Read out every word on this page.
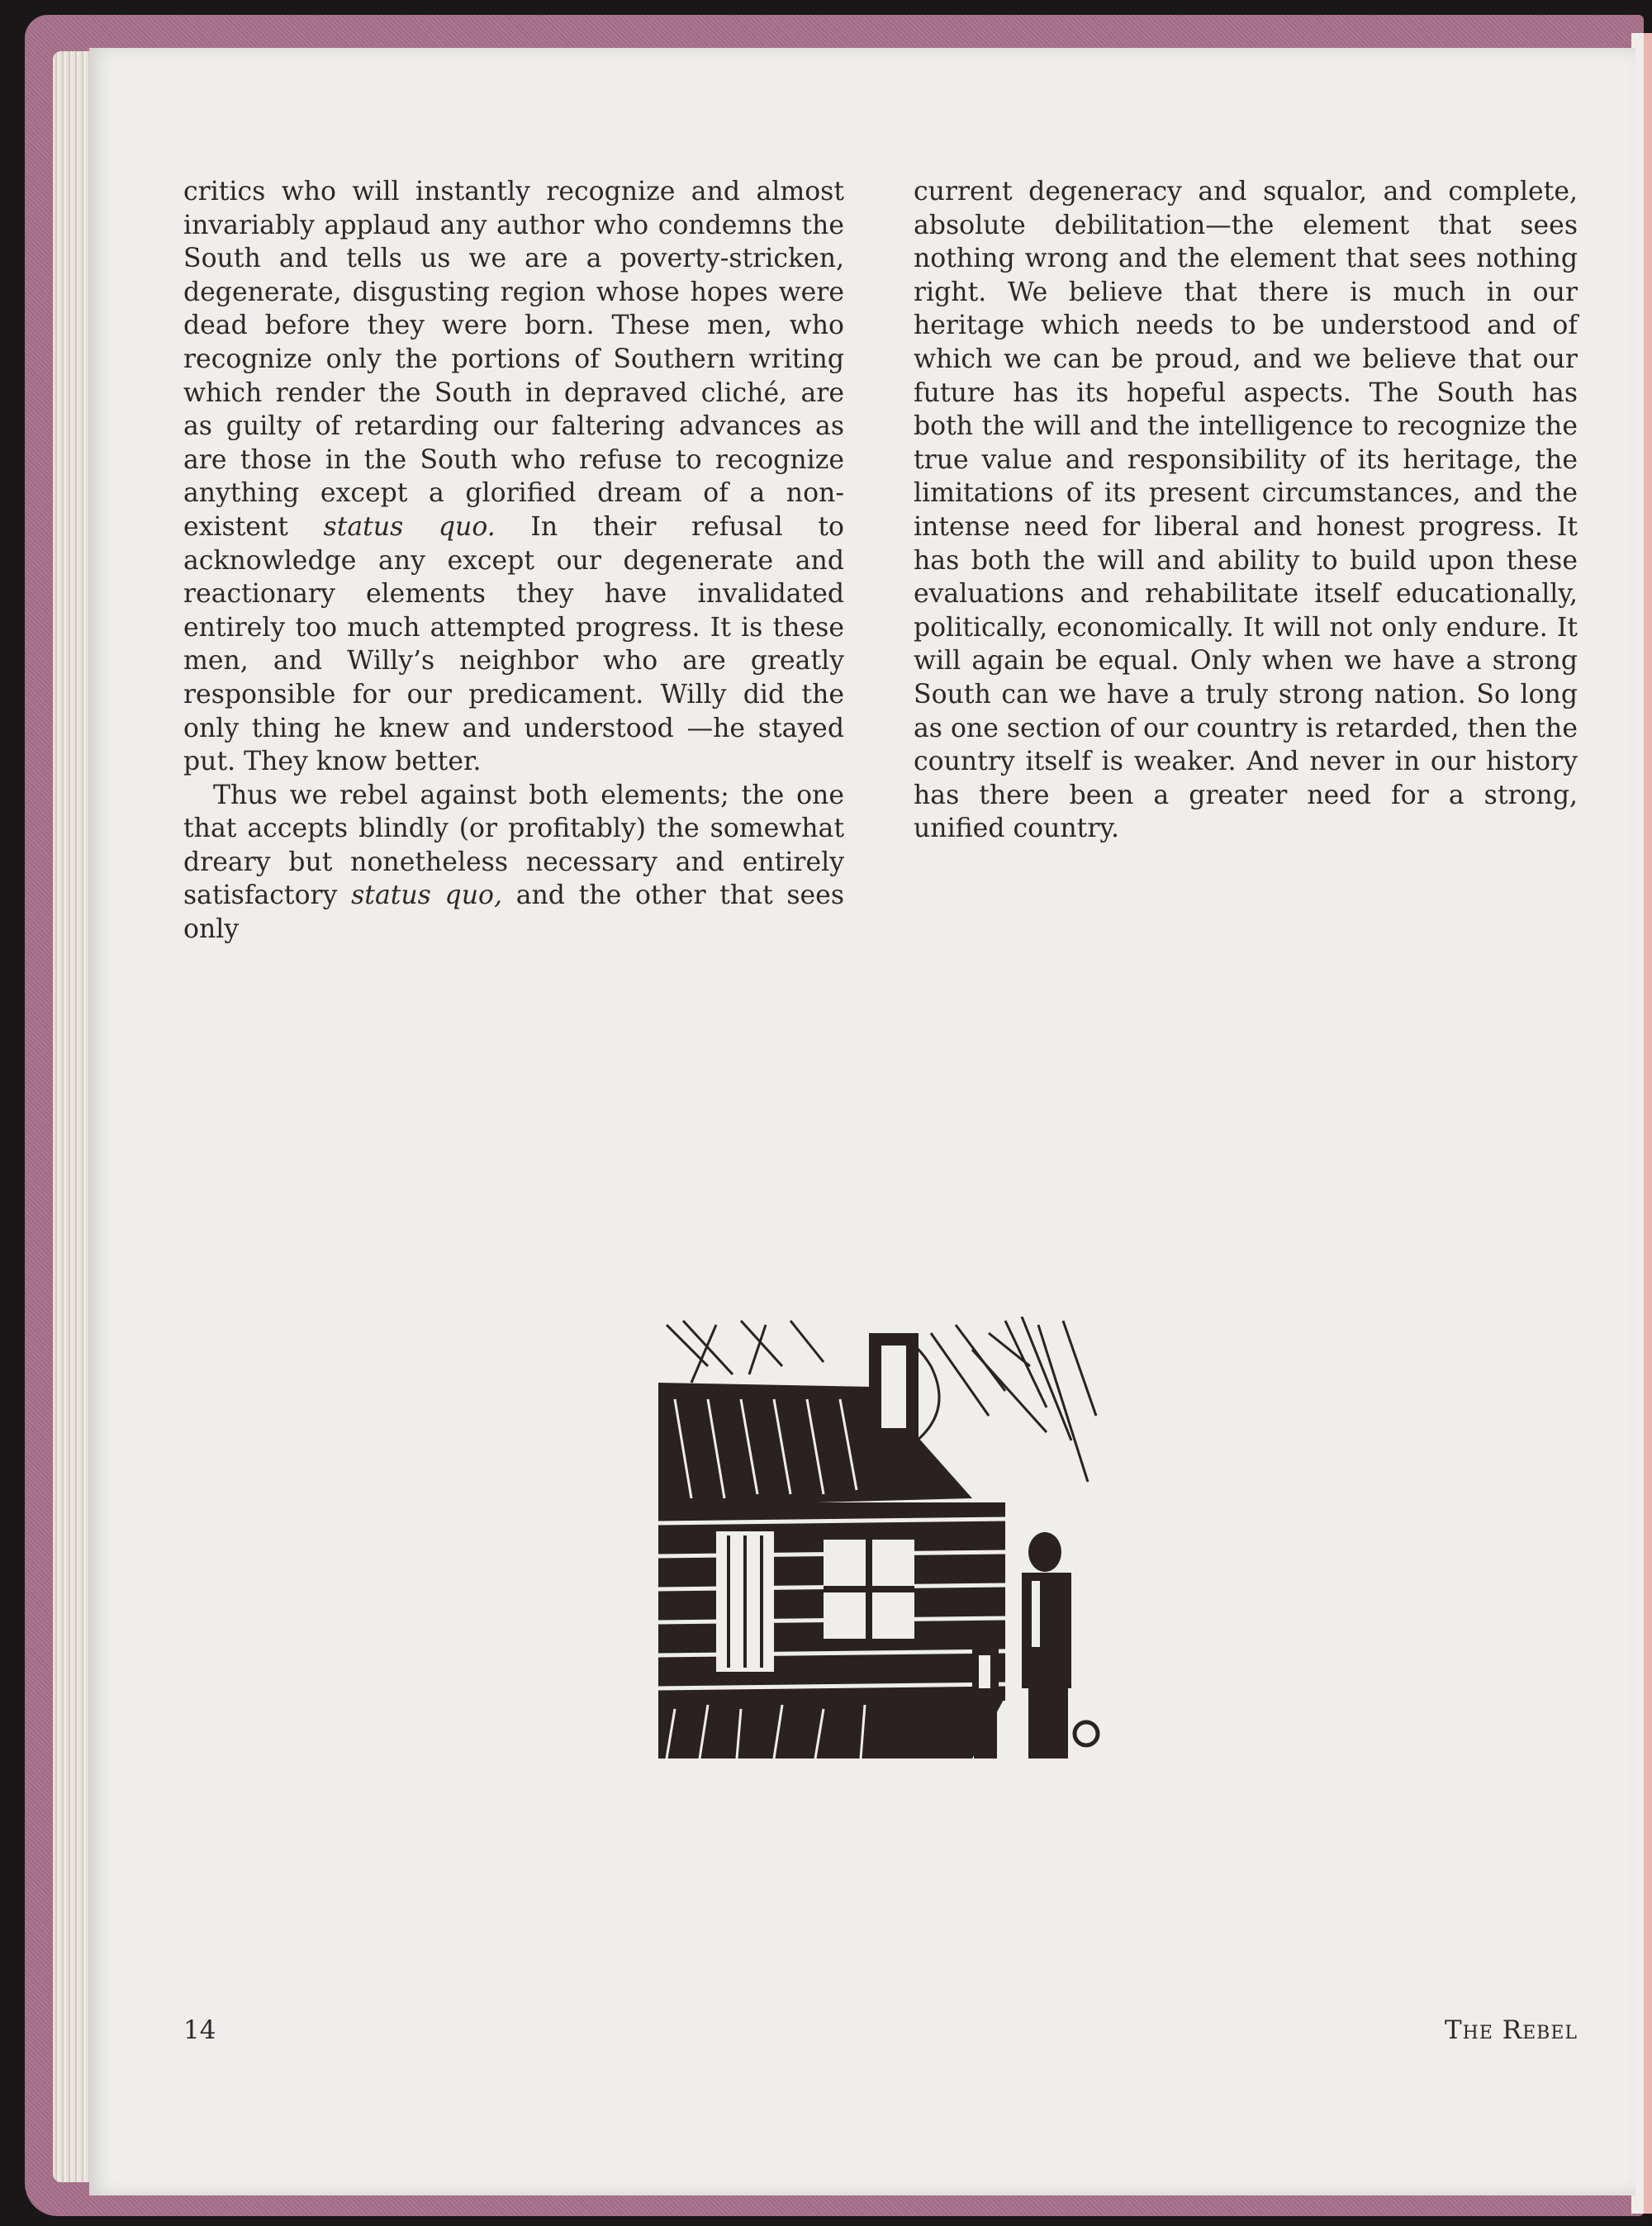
critics who will instantly recognize and almost invariably applaud any author who condemns the South and tells us we are a poverty-stricken, degenerate, disgusting region whose hopes were dead before they were born. These men, who recognize only the portions of Southern writing which render the South in depraved cliché, are as guilty of retarding our faltering advances as are those in the South who refuse to recognize anything except a glorified dream of a non-existent status quo. In their refusal to acknowledge any except our degenerate and reactionary elements they have invalidated entirely too much attempted progress. It is these men, and Willy’s neighbor who are greatly responsible for our predicament. Willy did the only thing he knew and understood —he stayed put. They know better.

Thus we rebel against both elements; the one that accepts blindly (or profitably) the somewhat dreary but nonetheless necessary and entirely satisfactory status quo, and the other that sees only

current degeneracy and squalor, and complete, absolute debilitation—the element that sees nothing wrong and the element that sees nothing right. We believe that there is much in our heritage which needs to be understood and of which we can be proud, and we believe that our future has its hopeful aspects. The South has both the will and the intelligence to recognize the true value and responsibility of its heritage, the limitations of its present circumstances, and the intense need for liberal and honest progress. It has both the will and ability to build upon these evaluations and rehabilitate itself educationally, politically, economically. It will not only endure. It will again be equal. Only when we have a strong South can we have a truly strong nation. So long as one section of our country is retarded, then the country itself is weaker. And never in our history has there been a greater need for a strong, unified country.

14	The Rebel
